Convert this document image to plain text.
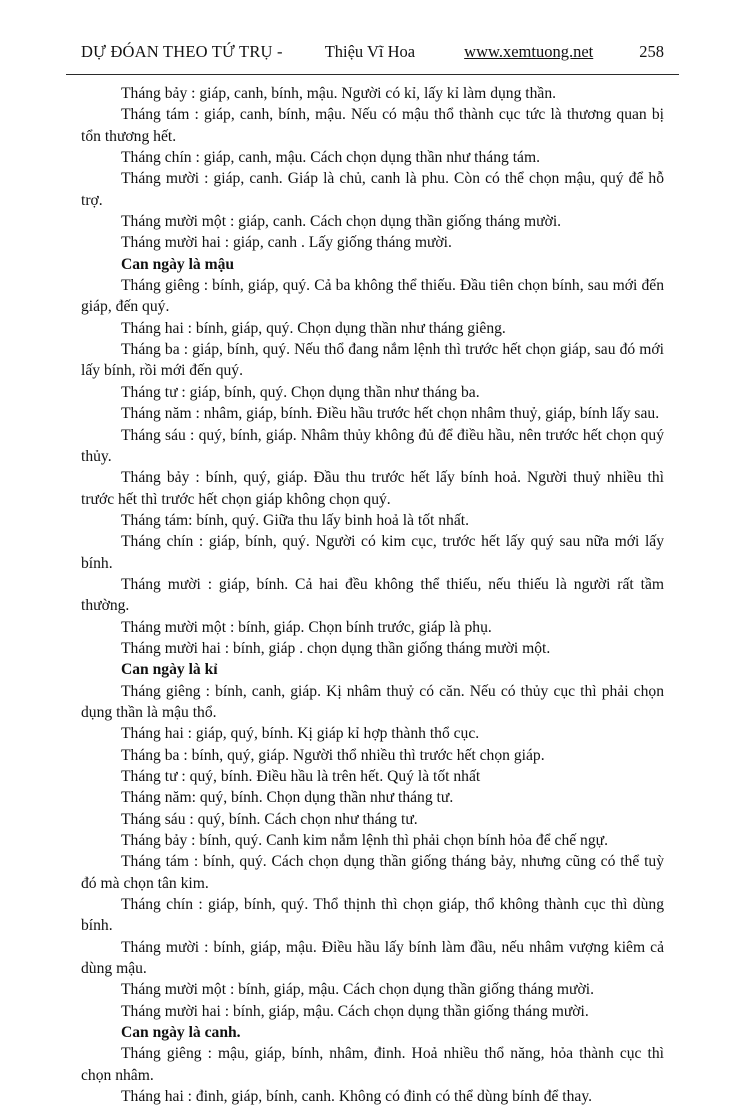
DỰ ĐÓAN THEO TỨ TRỤ -	Thiệu Vĩ Hoa	www.xemtuong.net	258

Tháng bảy : giáp, canh, bính, mậu. Người có kỉ, lấy kỉ làm dụng thần.

Tháng tám : giáp, canh, bính, mậu. Nếu có mậu thổ thành cục tức là thương quan bị tổn thương hết.

Tháng chín : giáp, canh, mậu. Cách chọn dụng thần như tháng tám.

Tháng mười : giáp, canh. Giáp là chủ, canh là phu. Còn có thể chọn mậu, quý để hỗ trợ.

Tháng mười một : giáp, canh. Cách chọn dụng thần giống tháng mười.

Tháng mười hai : giáp, canh . Lấy giống tháng mười.

Can ngày là mậu

Tháng giêng : bính, giáp, quý. Cả ba không thể thiếu. Đầu tiên chọn bính, sau mới đến giáp, đến quý.

Tháng hai : bính, giáp, quý. Chọn dụng thần như tháng giêng.

Tháng ba : giáp, bính, quý. Nếu thổ đang nắm lệnh thì trước hết chọn giáp, sau đó mới lấy bính, rồi mới đến quý.

Tháng tư : giáp, bính, quý. Chọn dụng thần như tháng ba.

Tháng năm : nhâm, giáp, bính. Điều hầu trước hết chọn nhâm thuỷ, giáp, bính lấy sau.

Tháng sáu : quý, bính, giáp. Nhâm thủy không đủ để điều hầu, nên trước hết chọn quý thủy.

Tháng bảy : bính, quý, giáp. Đầu thu trước hết lấy bính hoả. Người thuỷ nhiều thì trước hết thì trước hết chọn giáp không chọn quý.

Tháng tám: bính, quý. Giữa thu lấy binh hoả là tốt nhất.

Tháng chín : giáp, bính, quý. Người có kim cục, trước hết lấy quý sau nữa mới lấy bính.

Tháng mười : giáp, bính. Cả hai đều không thể thiếu, nếu thiếu là người rất tầm thường.

Tháng mười một : bính, giáp. Chọn bính trước, giáp là phụ.

Tháng mười hai : bính, giáp . chọn dụng thần giống tháng mười một.

Can ngày là kỉ

Tháng giêng : bính, canh, giáp. Kị nhâm thuỷ có căn. Nếu có thủy cục thì phải chọn dụng thần là mậu thổ.

Tháng hai : giáp, quý, bính. Kị giáp kỉ hợp thành thổ cục.

Tháng ba : bính, quý, giáp. Người thổ nhiều thì trước hết chọn giáp.

Tháng tư : quý, bính. Điều hầu là trên hết. Quý là tốt nhất

Tháng năm: quý, bính. Chọn dụng thần như tháng tư.

Tháng sáu : quý, bính. Cách chọn như tháng tư.

Tháng bảy : bính, quý. Canh kim nắm lệnh thì phải chọn bính hỏa để chế ngự.

Tháng tám : bính, quý. Cách chọn dụng thần giống tháng bảy, nhưng cũng có thể tuỳ đó mà chọn tân kim.

Tháng chín : giáp, bính, quý. Thổ thịnh thì chọn giáp, thổ không thành cục thì dùng bính.

Tháng mười : bính, giáp, mậu. Điều hầu lấy bính làm đầu, nếu nhâm vượng kiêm cả dùng mậu.

Tháng mười một : bính, giáp, mậu. Cách chọn dụng thần giống tháng mười.

Tháng mười hai : bính, giáp, mậu. Cách chọn dụng thần giống tháng mười.

Can ngày là canh.

Tháng giêng : mậu, giáp, bính, nhâm, đinh. Hoả nhiều thổ năng, hỏa thành cục thì chọn nhâm.

Tháng hai : đinh, giáp, bính, canh. Không có đinh có thể dùng bính để thay.
